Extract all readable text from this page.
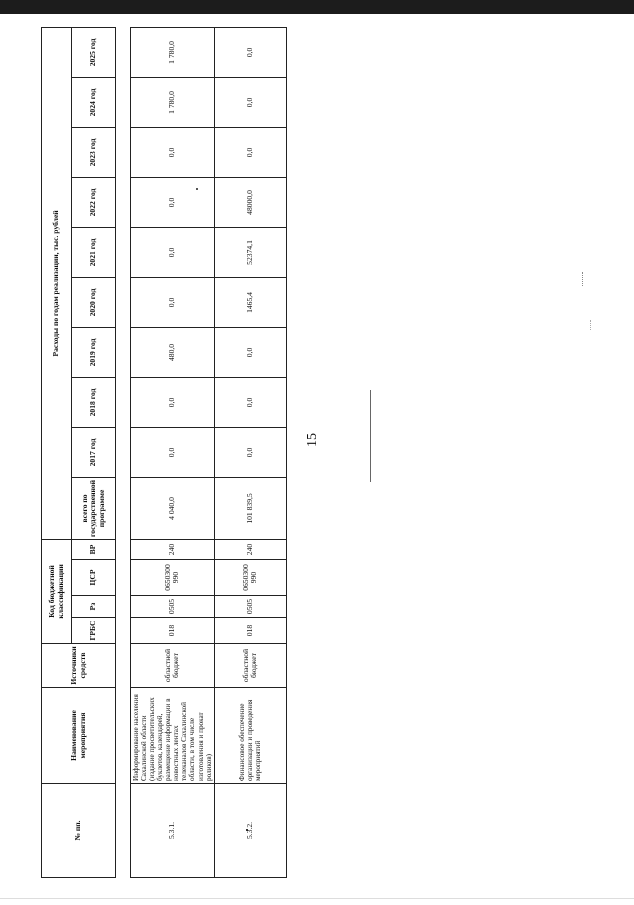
15
№ пп.	Наименование мероприятия	Источники средств	Код бюджетной классификации				Расходы по годам реализации, тыс. рублей									
			ГРБС	Рз	ЦСР	ВР	всего по государственной программе	2017 год	2018 год	2019 год	2020 год	2021 год	2022 год	2023 год	2024 год	2025 год

5.3.1.	Информирование населения Сахалинской области (издание просветительских буклетов, календарей, размещение информации в новостных лентах телеканалов Сахалинской области, в том числе изготовления и прокат роликов)	областной бюджет	018	0505	0650300 990	240	4 040,0	0,0	0,0	480,0	0,0	0,0	0,0	0,0	1 780,0	1 780,0
5.3.2.	Финансовое обеспечение организации и проведения мероприятий	областной бюджет	018	0505	0650300 990	240	101 839,5	0,0	0,0	0,0	1465,4	52374,1	48000,0	0,0	0,0	0,0
